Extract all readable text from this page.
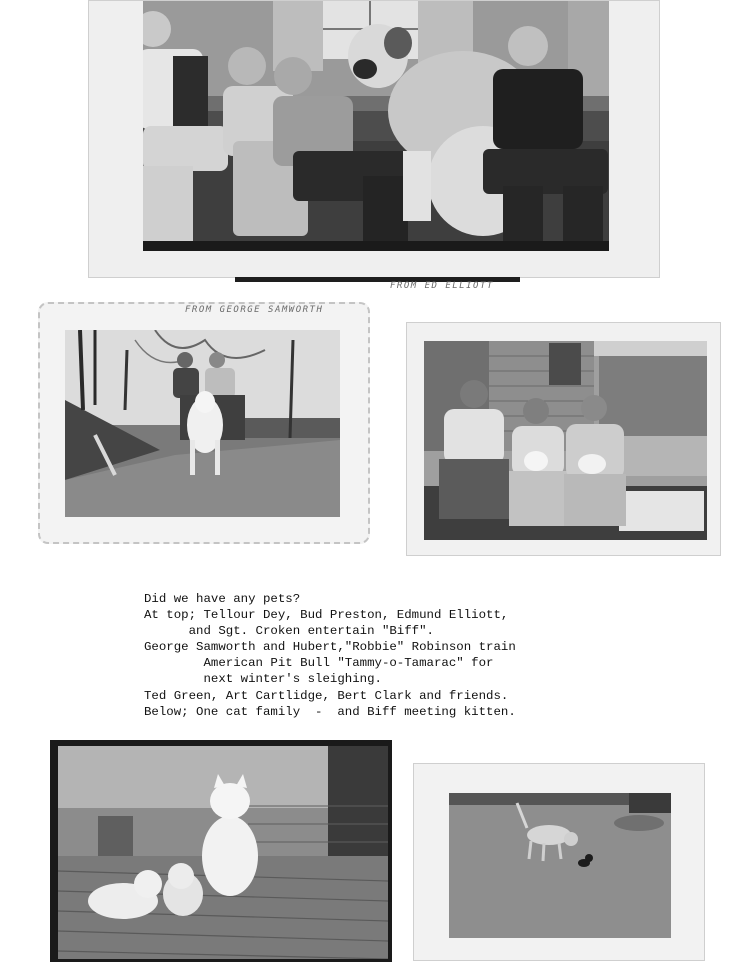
FROM ED ELLIOTT
FROM GEORGE SAMWORTH
Did we have any pets?
At top; Tellour Dey, Bud Preston, Edmund Elliott,
and Sgt. Croken entertain "Biff".
George Samworth and Hubert,"Robbie" Robinson train
American Pit Bull "Tammy-o-Tamarac" for
next winter's sleighing.
Ted Green, Art Cartlidge, Bert Clark and friends.
Below; One cat family  -  and Biff meeting kitten.
